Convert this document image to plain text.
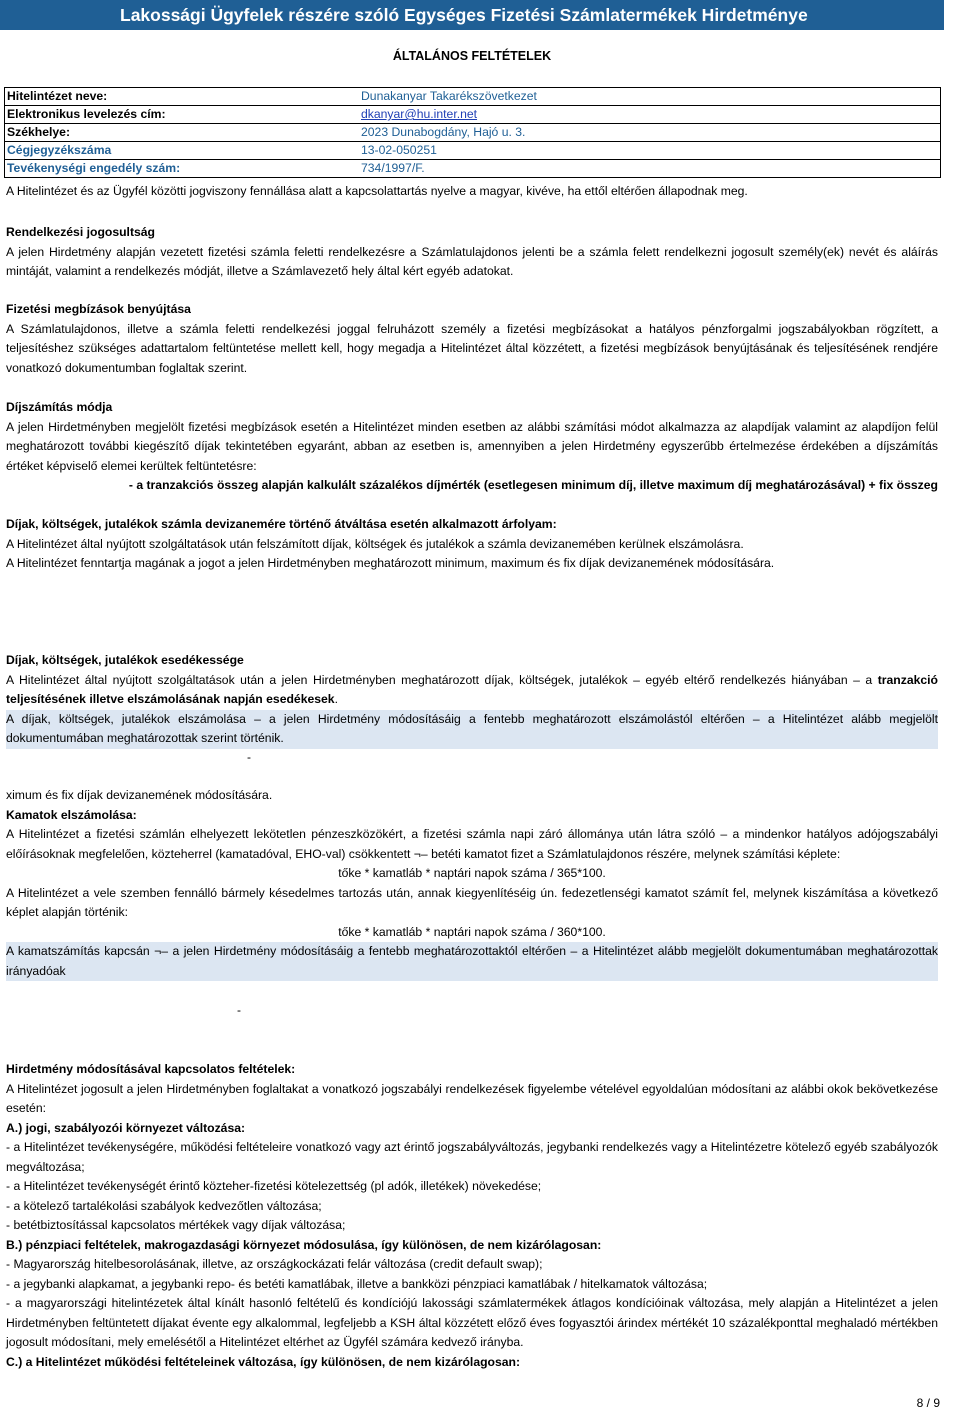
Lakossági Ügyfelek részére szóló Egységes Fizetési Számlatermékek Hirdetménye
ÁLTALÁNOS FELTÉTELEK
Hitelintézet neve:	Dunakanyar Takarékszövetkezet
Elektronikus levelezés cím:	dkanyar@hu.inter.net
Székhelye:	2023 Dunabogdány, Hajó u. 3.
Cégjegyzékszáma	13-02-050251
Tevékenységi engedély szám:	734/1997/F.
A Hitelintézet és az Ügyfél közötti jogviszony fennállása alatt a kapcsolattartás nyelve a magyar, kivéve, ha ettől eltérően állapodnak meg.

Rendelkezési jogosultság

A jelen Hirdetmény alapján vezetett fizetési számla feletti rendelkezésre a Számlatulajdonos jelenti be a számla felett rendelkezni jogosult személy(ek) nevét és aláírás mintáját, valamint a rendelkezés módját, illetve a Számlavezető hely által kért egyéb adatokat.

Fizetési megbízások benyújtása

A Számlatulajdonos, illetve a számla feletti rendelkezési joggal felruházott személy a fizetési megbízásokat a hatályos pénzforgalmi jogszabályokban rögzített, a teljesítéshez szükséges adattartalom feltüntetése mellett kell, hogy megadja a Hitelintézet által közzétett, a fizetési megbízások benyújtásának és teljesítésének rendjére vonatkozó dokumentumban foglaltak szerint.

Díjszámítás módja

A jelen Hirdetményben megjelölt fizetési megbízások esetén a Hitelintézet minden esetben az alábbi számítási módot alkalmazza az alapdíjak valamint az alapdíjon felül meghatározott további kiegészítő díjak tekintetében egyaránt, abban az esetben is, amennyiben a jelen Hirdetmény egyszerűbb értelmezése érdekében a díjszámítás értéket képviselő elemei kerültek feltüntetésre:

- a tranzakciós összeg alapján kalkulált százalékos díjmérték (esetlegesen minimum díj, illetve maximum díj meghatározásával) + fix összeg

Díjak, költségek, jutalékok számla devizanemére történő átváltása esetén alkalmazott árfolyam:

A Hitelintézet által nyújtott szolgáltatások után felszámított díjak, költségek és jutalékok a számla devizanemében kerülnek elszámolásra.

A Hitelintézet fenntartja magának a jogot a jelen Hirdetményben meghatározott minimum, maximum és fix díjak devizanemének módosítására.

Díjak, költségek, jutalékok esedékessége

A Hitelintézet által nyújtott szolgáltatások után a jelen Hirdetményben meghatározott díjak, költségek, jutalékok – egyéb eltérő rendelkezés hiányában – a tranzakció teljesítésének illetve elszámolásának napján esedékesek.

A díjak, költségek, jutalékok elszámolása – a jelen Hirdetmény módosításáig a fentebb meghatározott elszámolástól eltérően – a Hitelintézet alább megjelölt dokumentumában meghatározottak szerint történik.

-

ximum és fix díjak devizanemének módosítására.

Kamatok elszámolása:

A Hitelintézet a fizetési számlán elhelyezett lekötetlen pénzeszközökért, a fizetési számla napi záró állománya után látra szóló – a mindenkor hatályos adójogszabályi előírásoknak megfelelően, közteherrel (kamatadóval, EHO-val) csökkentett ¬– betéti kamatot fizet a Számlatulajdonos részére, melynek számítási képlete:

tőke * kamatláb * naptári napok száma / 365*100.

A Hitelintézet a vele szemben fennálló bármely késedelmes tartozás után, annak kiegyenlítéséig ún. fedezetlenségi kamatot számít fel, melynek kiszámítása a következő képlet alapján történik:

tőke * kamatláb * naptári napok száma / 360*100.

A kamatszámítás kapcsán ¬– a jelen Hirdetmény módosításáig a fentebb meghatározottaktól eltérően – a Hitelintézet alább megjelölt dokumentumában meghatározottak irányadóak

-

Hirdetmény módosításával kapcsolatos feltételek:

A Hitelintézet jogosult a jelen Hirdetményben foglaltakat a vonatkozó jogszabályi rendelkezések figyelembe vételével egyoldalúan módosítani az alábbi okok bekövetkezése esetén:

A.) jogi, szabályozói környezet változása:

- a Hitelintézet tevékenységére, működési feltételeire vonatkozó vagy azt érintő jogszabályváltozás, jegybanki rendelkezés vagy a Hitelintézetre kötelező egyéb szabályozók megváltozása;

- a Hitelintézet tevékenységét érintő közteher-fizetési kötelezettség (pl adók, illetékek) növekedése;

- a kötelező tartalékolási szabályok kedvezőtlen változása;

- betétbiztosítással kapcsolatos mértékek vagy díjak változása;

B.) pénzpiaci feltételek, makrogazdasági környezet módosulása, így különösen, de nem kizárólagosan:

- Magyarország hitelbesorolásának, illetve, az országkockázati felár változása (credit default swap);

- a jegybanki alapkamat, a jegybanki repo- és betéti kamatlábak, illetve a bankközi pénzpiaci kamatlábak / hitelkamatok változása;

- a magyarországi hitelintézetek által kínált hasonló feltételű és kondíciójú lakossági számlatermékek átlagos kondícióinak változása, mely alapján a Hitelintézet a jelen Hirdetményben feltüntetett díjakat évente egy alkalommal, legfeljebb a KSH által közzétett előző éves fogyasztói árindex mértékét 10 százalékponttal meghaladó mértékben jogosult módosítani, mely emelésétől a Hitelintézet eltérhet az Ügyfél számára kedvező irányba.

C.) a Hitelintézet működési feltételeinek változása, így különösen, de nem kizárólagosan:

8 / 9
